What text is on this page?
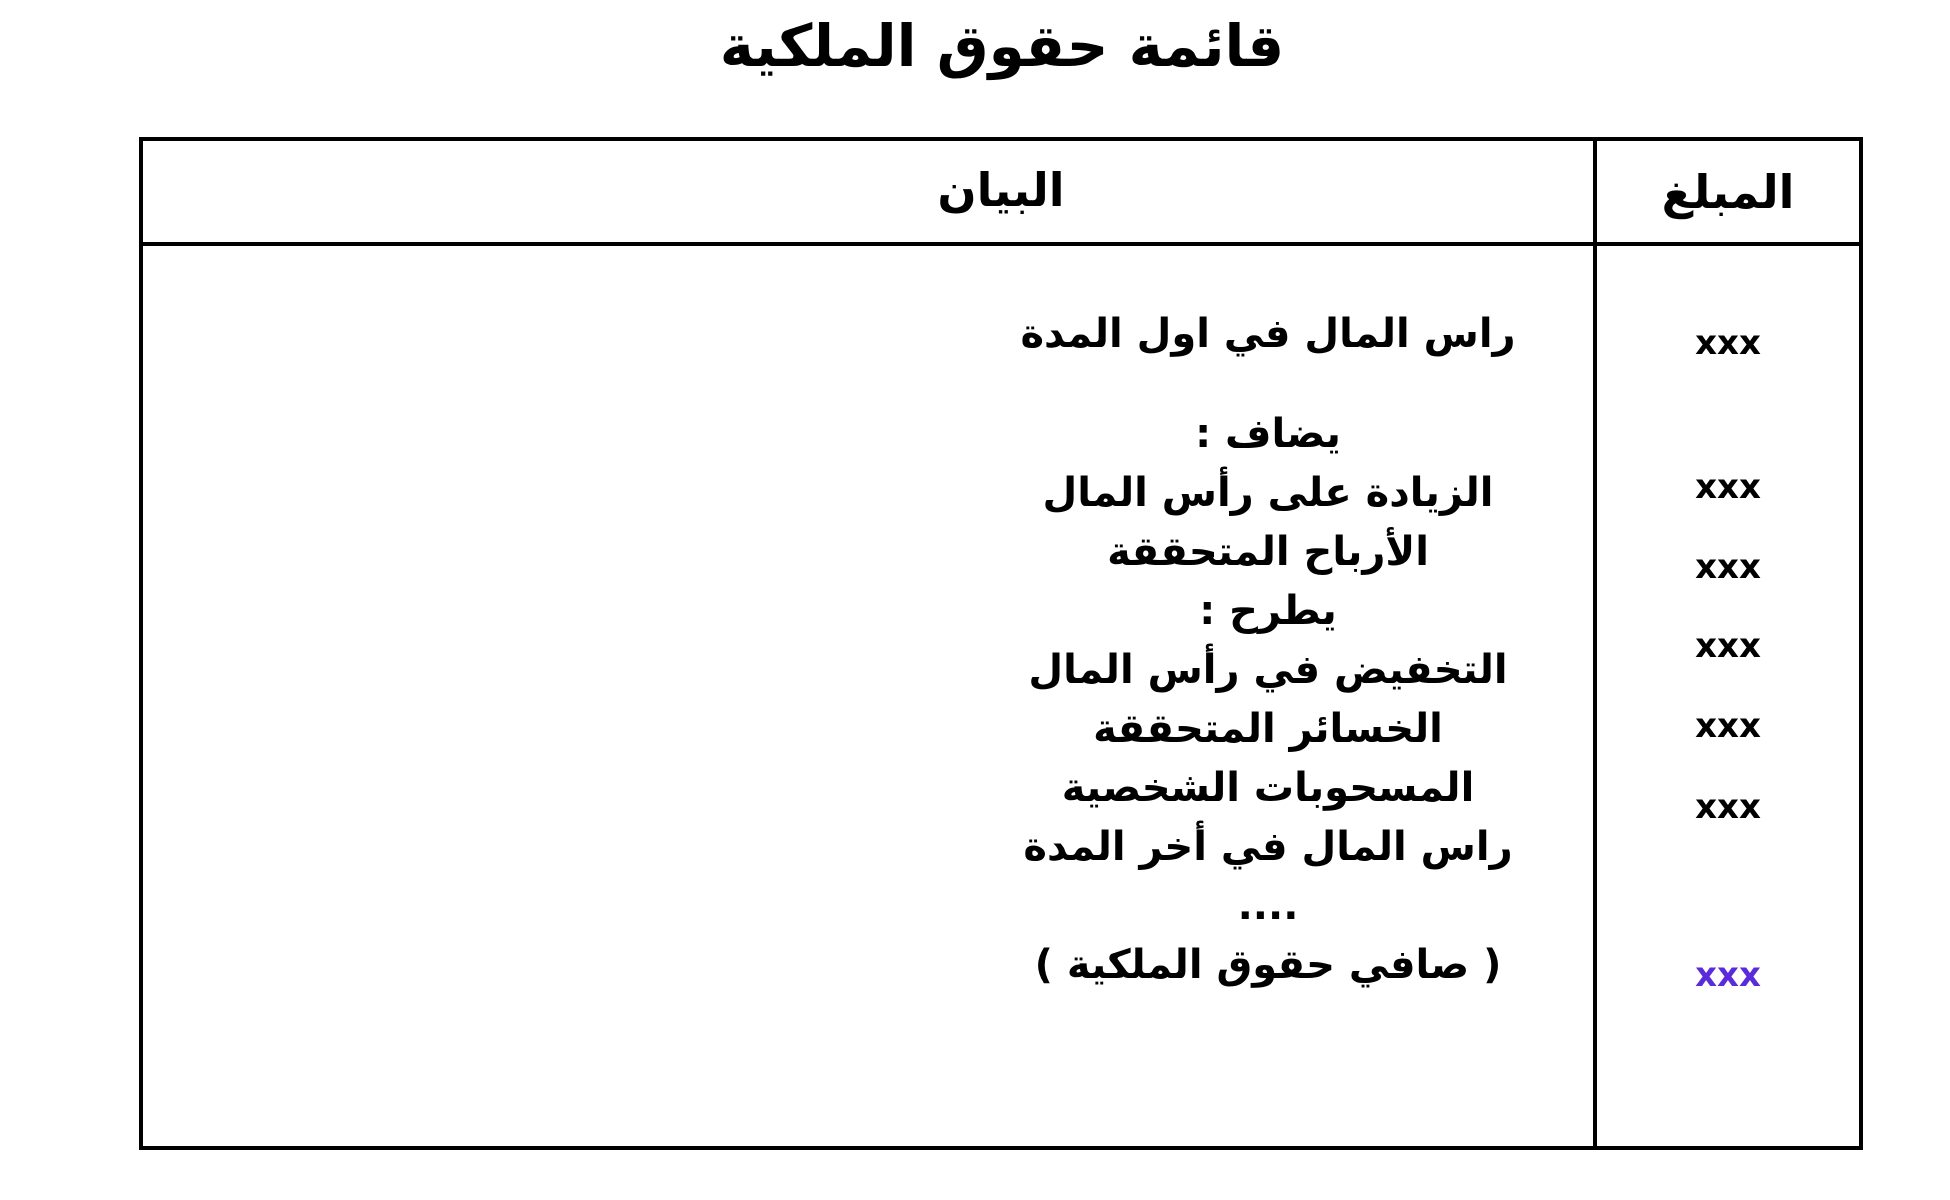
قائمة حقوق الملكية
البيان	المبلغ
راس المال في اول المدة
يضاف :
الزيادة على رأس المال
الأرباح المتحققة
يطرح :
التخفيض في رأس المال
الخسائر المتحققة
المسحوبات الشخصية
راس المال في أخر المدة
....
( صافي حقوق الملكية )
xxx
xxx
xxx
xxx
xxx
xxx
xxx
